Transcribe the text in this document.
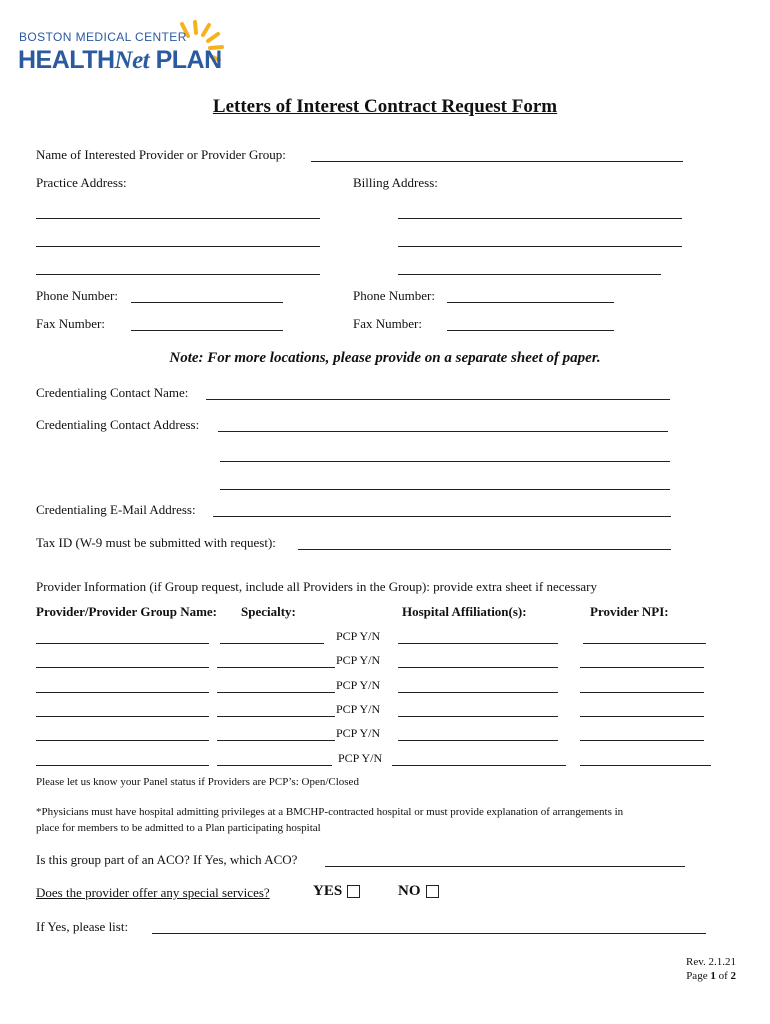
BOSTON MEDICAL CENTER
HEALTHNet PLAN
Letters of Interest Contract Request Form
Name of Interested Provider or Provider Group:
Practice Address:	Billing Address:
Phone Number:	Phone Number:
Fax Number:	Fax Number:
Note: For more locations, please provide on a separate sheet of paper.
Credentialing Contact Name:
Credentialing Contact Address:
Credentialing E-Mail Address:
Tax ID (W-9 must be submitted with request):
Provider Information (if Group request, include all Providers in the Group): provide extra sheet if necessary
Provider/Provider Group Name: Specialty:	Hospital Affiliation(s):	Provider NPI:
PCP Y/N
PCP Y/N
PCP Y/N
PCP Y/N
PCP Y/N
PCP Y/N
Please let us know your Panel status if Providers are PCP’s: Open/Closed
*Physicians must have hospital admitting privileges at a BMCHP-contracted hospital or must provide explanation of arrangements in
place for members to be admitted to a Plan participating hospital
Is this group part of an ACO? If Yes, which ACO?
Does the provider offer any special services?	YES	NO
If Yes, please list:
Rev. 2.1.21
Page 1 of 2
